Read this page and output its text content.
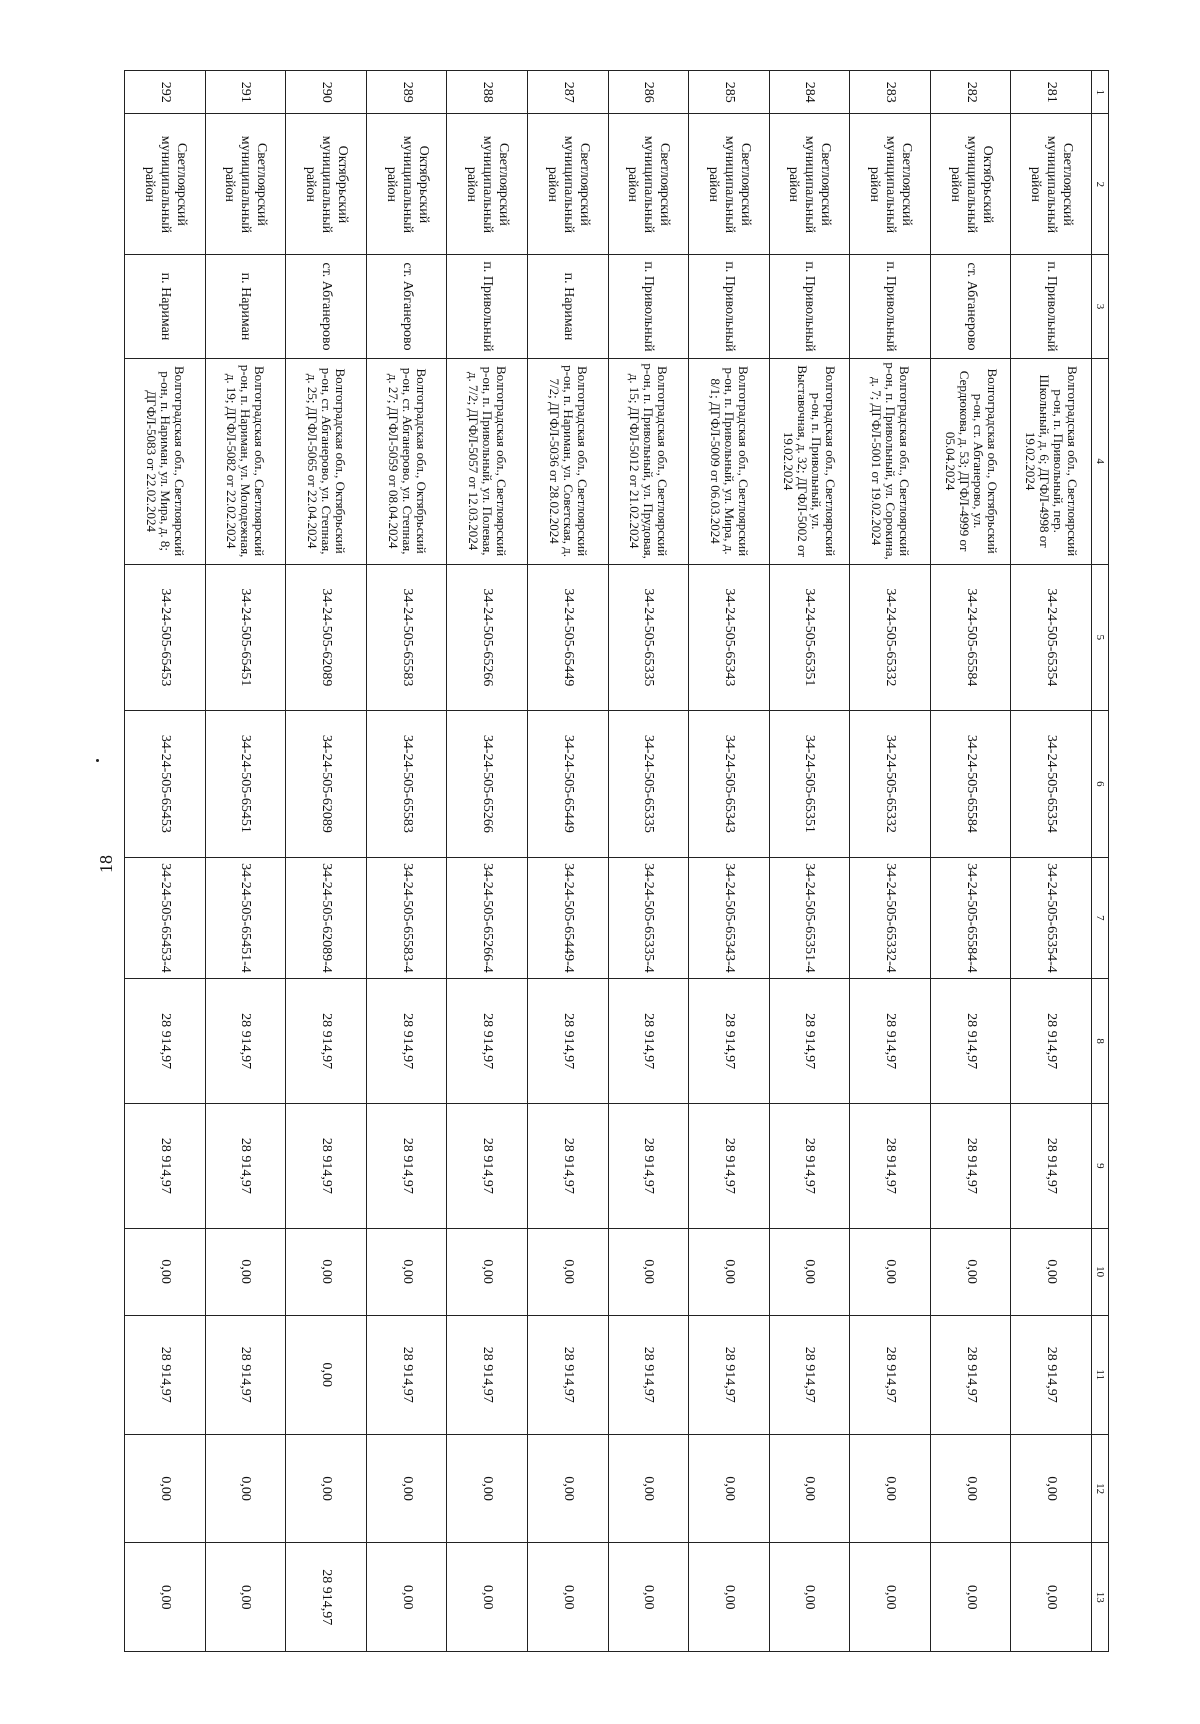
18
1	2	3	4	5	6	7	8	9	10	11	12	13
281	Светлоярский муниципальный район	п. Привольный	Волгоградская обл., Светлоярский р-он, п. Привольный, пер. Школьный, д. 6; ДГФЛ-4998 от 19.02.2024	34-24-505-65354	34-24-505-65354	34-24-505-65354-4	28 914,97	28 914,97	0,00	28 914,97	0,00	0,00
282	Октябрьский муниципальный район	ст. Абганерово	Волгоградская обл., Октябрьский р-он, ст. Абганерово, ул. Сердюкова, д. 53; ДГФЛ-4999 от 05.04.2024	34-24-505-65584	34-24-505-65584	34-24-505-65584-4	28 914,97	28 914,97	0,00	28 914,97	0,00	0,00
283	Светлоярский муниципальный район	п. Привольный	Волгоградская обл., Светлоярский р-он, п. Привольный, ул. Сорокина, д. 7; ДГФЛ-5001 от 19.02.2024	34-24-505-65332	34-24-505-65332	34-24-505-65332-4	28 914,97	28 914,97	0,00	28 914,97	0,00	0,00
284	Светлоярский муниципальный район	п. Привольный	Волгоградская обл., Светлоярский р-он, п. Привольный, ул. Выставочная, д. 32; ДГФЛ-5002 от 19.02.2024	34-24-505-65351	34-24-505-65351	34-24-505-65351-4	28 914,97	28 914,97	0,00	28 914,97	0,00	0,00
285	Светлоярский муниципальный район	п. Привольный	Волгоградская обл., Светлоярский р-он, п. Привольный, ул. Мира, д. 8/1; ДГФЛ-5009 от 06.03.2024	34-24-505-65343	34-24-505-65343	34-24-505-65343-4	28 914,97	28 914,97	0,00	28 914,97	0,00	0,00
286	Светлоярский муниципальный район	п. Привольный	Волгоградская обл., Светлоярский р-он, п. Привольный, ул. Прудовая, д. 15; ДГФЛ-5012 от 21.02.2024	34-24-505-65335	34-24-505-65335	34-24-505-65335-4	28 914,97	28 914,97	0,00	28 914,97	0,00	0,00
287	Светлоярский муниципальный район	п. Нариман	Волгоградская обл., Светлоярский р-он, п. Нариман, ул. Советская, д. 7/2; ДГФЛ-5036 от 28.02.2024	34-24-505-65449	34-24-505-65449	34-24-505-65449-4	28 914,97	28 914,97	0,00	28 914,97	0,00	0,00
288	Светлоярский муниципальный район	п. Привольный	Волгоградская обл., Светлоярский р-он, п. Привольный, ул. Полевая, д. 7/2; ДГФЛ-5057 от 12.03.2024	34-24-505-65266	34-24-505-65266	34-24-505-65266-4	28 914,97	28 914,97	0,00	28 914,97	0,00	0,00
289	Октябрьский муниципальный район	ст. Абганерово	Волгоградская обл., Октябрьский р-он, ст. Абганерово, ул. Степная, д. 27; ДГФЛ-5059 от 08.04.2024	34-24-505-65583	34-24-505-65583	34-24-505-65583-4	28 914,97	28 914,97	0,00	28 914,97	0,00	0,00
290	Октябрьский муниципальный район	ст. Абганерово	Волгоградская обл., Октябрьский р-он, ст. Абганерово, ул. Степная, д. 25; ДГФЛ-5065 от 22.04.2024	34-24-505-62089	34-24-505-62089	34-24-505-62089-4	28 914,97	28 914,97	0,00	0,00	0,00	28 914,97
291	Светлоярский муниципальный район	п. Нариман	Волгоградская обл., Светлоярский р-он, п. Нариман, ул. Молодежная, д. 19; ДГФЛ-5082 от 22.02.2024	34-24-505-65451	34-24-505-65451	34-24-505-65451-4	28 914,97	28 914,97	0,00	28 914,97	0,00	0,00
292	Светлоярский муниципальный район	п. Нариман	Волгоградская обл., Светлоярский р-он, п. Нариман, ул. Мира, д. 8; ДГФЛ-5083 от 22.02.2024	34-24-505-65453	34-24-505-65453	34-24-505-65453-4	28 914,97	28 914,97	0,00	28 914,97	0,00	0,00
